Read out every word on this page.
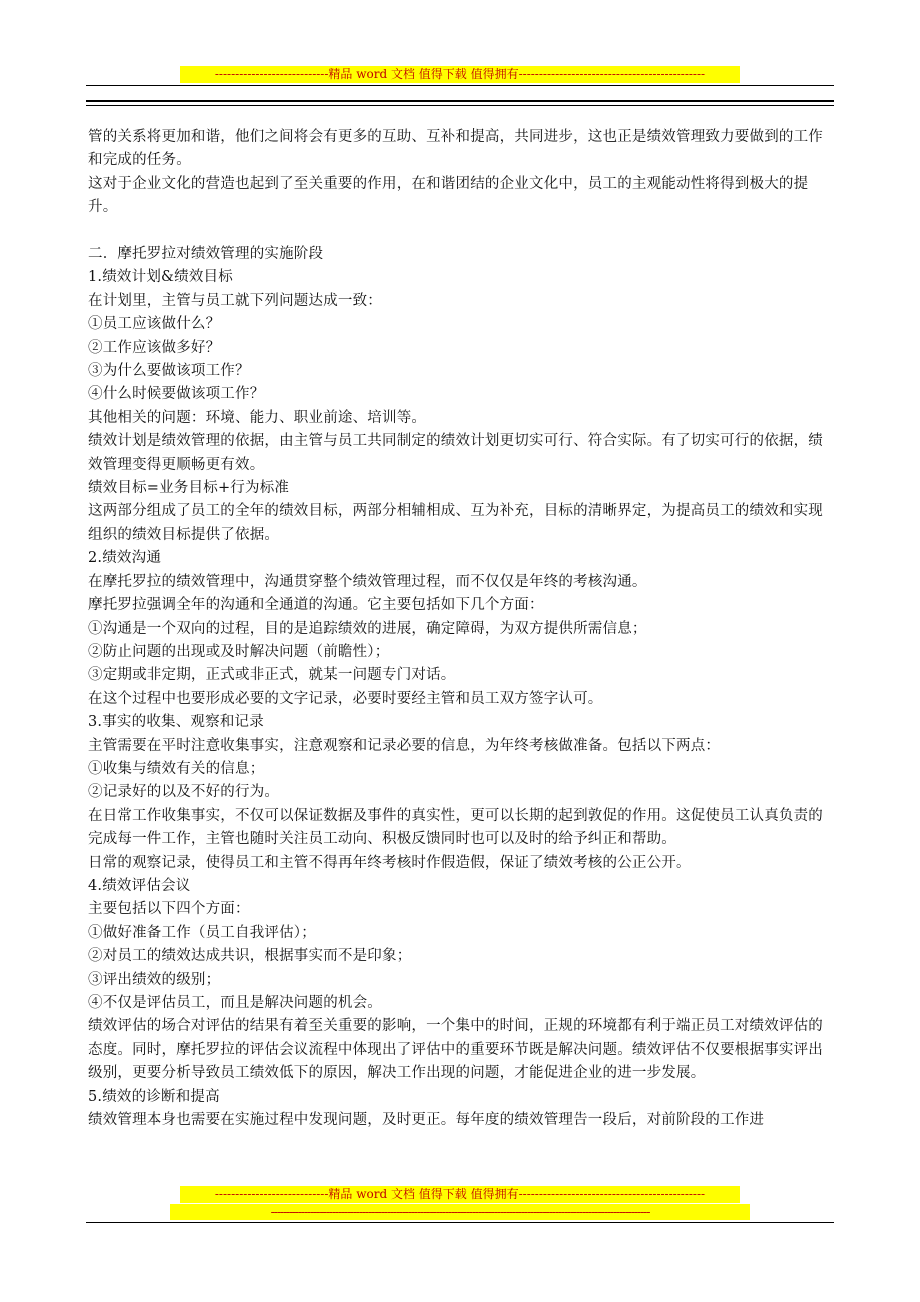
----------------------------精品 word 文档 值得下载 值得拥有----------------------------------------------

管的关系将更加和谐，他们之间将会有更多的互助、互补和提高，共同进步，这也正是绩效管理致力要做到的工作和完成的任务。

这对于企业文化的营造也起到了至关重要的作用，在和谐团结的企业文化中，员工的主观能动性将得到极大的提升。

二．摩托罗拉对绩效管理的实施阶段

1.绩效计划&绩效目标

在计划里，主管与员工就下列问题达成一致：

①员工应该做什么？

②工作应该做多好？

③为什么要做该项工作？

④什么时候要做该项工作？

其他相关的问题：环境、能力、职业前途、培训等。

绩效计划是绩效管理的依据，由主管与员工共同制定的绩效计划更切实可行、符合实际。有了切实可行的依据，绩效管理变得更顺畅更有效。

绩效目标=业务目标+行为标准

这两部分组成了员工的全年的绩效目标，两部分相辅相成、互为补充，目标的清晰界定，为提高员工的绩效和实现组织的绩效目标提供了依据。

2.绩效沟通

在摩托罗拉的绩效管理中，沟通贯穿整个绩效管理过程，而不仅仅是年终的考核沟通。

摩托罗拉强调全年的沟通和全通道的沟通。它主要包括如下几个方面：

①沟通是一个双向的过程，目的是追踪绩效的进展，确定障碍，为双方提供所需信息；

②防止问题的出现或及时解决问题（前瞻性）；

③定期或非定期，正式或非正式，就某一问题专门对话。

在这个过程中也要形成必要的文字记录，必要时要经主管和员工双方签字认可。

3.事实的收集、观察和记录

主管需要在平时注意收集事实，注意观察和记录必要的信息，为年终考核做准备。包括以下两点：

①收集与绩效有关的信息；

②记录好的以及不好的行为。

在日常工作收集事实，不仅可以保证数据及事件的真实性，更可以长期的起到敦促的作用。这促使员工认真负责的完成每一件工作，主管也随时关注员工动向、积极反馈同时也可以及时的给予纠正和帮助。

日常的观察记录，使得员工和主管不得再年终考核时作假造假，保证了绩效考核的公正公开。

4.绩效评估会议

主要包括以下四个方面：

①做好准备工作（员工自我评估）；

②对员工的绩效达成共识，根据事实而不是印象；

③评出绩效的级别；

④不仅是评估员工，而且是解决问题的机会。

绩效评估的场合对评估的结果有着至关重要的影响，一个集中的时间，正规的环境都有利于端正员工对绩效评估的态度。同时，摩托罗拉的评估会议流程中体现出了评估中的重要环节既是解决问题。绩效评估不仅要根据事实评出级别，更要分析导致员工绩效低下的原因，解决工作出现的问题，才能促进企业的进一步发展。

5.绩效的诊断和提高

绩效管理本身也需要在实施过程中发现问题，及时更正。每年度的绩效管理告一段后，对前阶段的工作进

----------------------------精品 word 文档 值得下载 值得拥有----------------------------------------------
----------------------------------------------------------------------------------------------------------------------------
